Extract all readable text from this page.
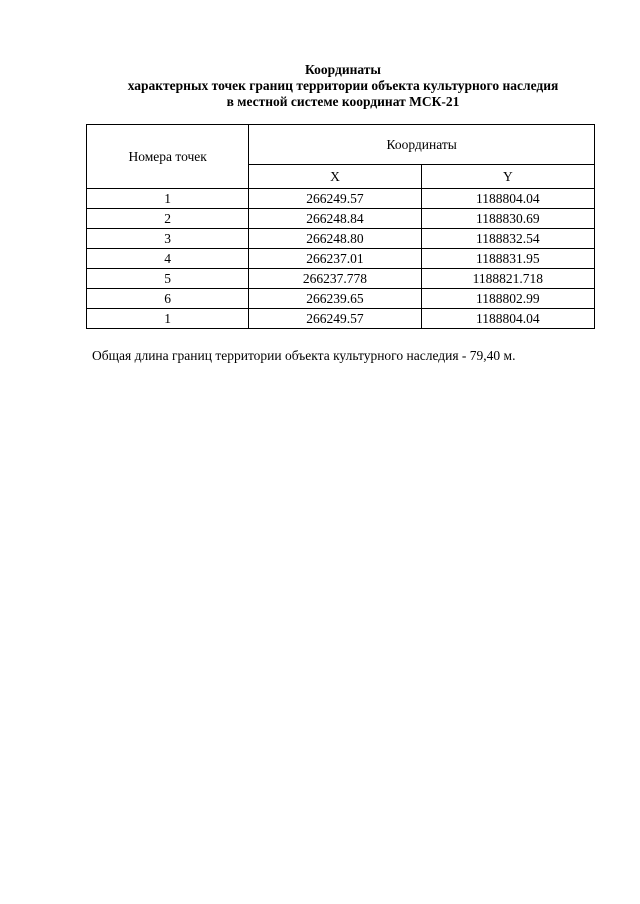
Координаты
характерных точек границ территории объекта культурного наследия
в местной системе координат МСК-21
Номера точек	Координаты	
	X	Y
1	266249.57	1188804.04
2	266248.84	1188830.69
3	266248.80	1188832.54
4	266237.01	1188831.95
5	266237.778	1188821.718
6	266239.65	1188802.99
1	266249.57	1188804.04
Общая длина границ территории объекта культурного наследия - 79,40 м.
